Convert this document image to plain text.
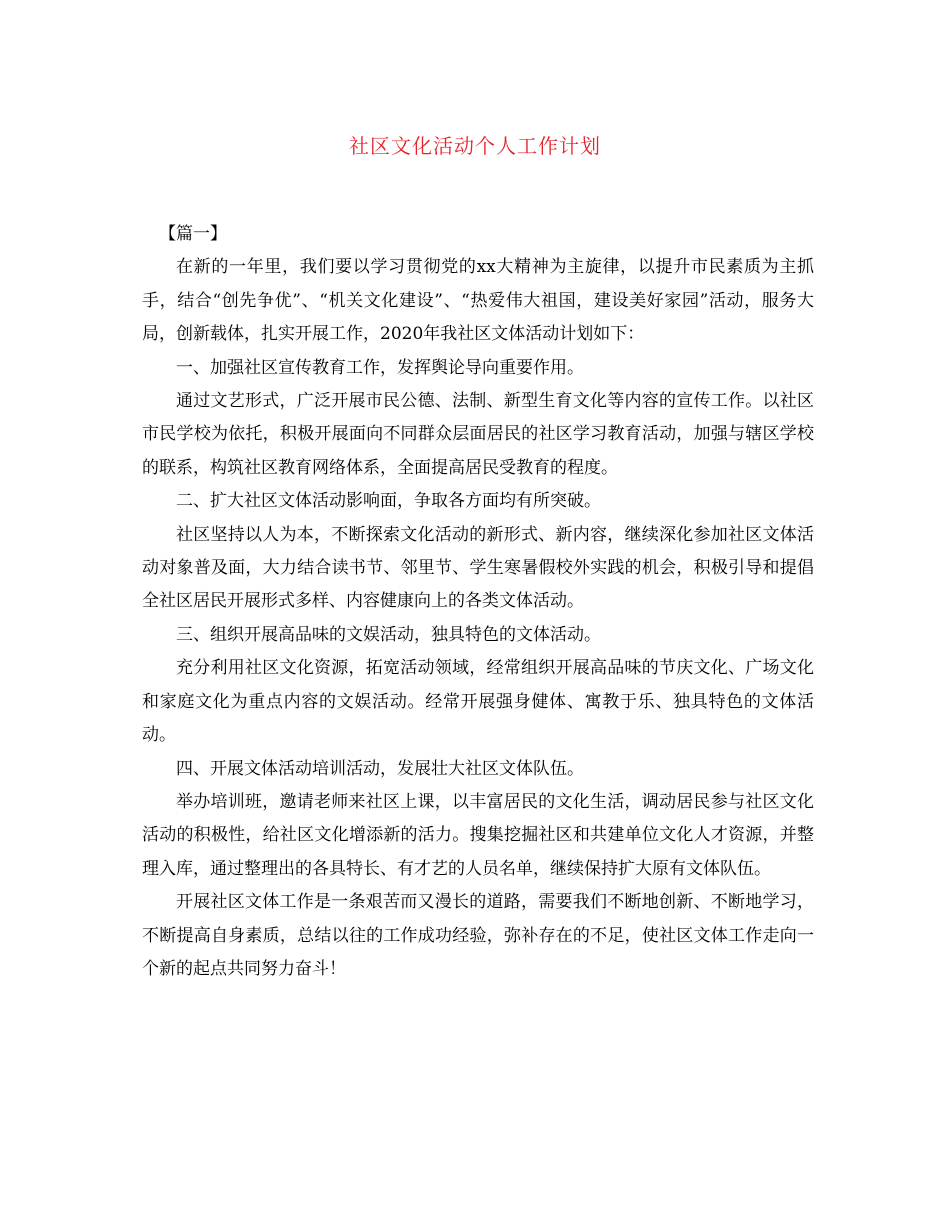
社区文化活动个人工作计划

【篇一】

在新的一年里，我们要以学习贯彻党的xx大精神为主旋律，以提升市民素质为主抓手，结合“创先争优”、“机关文化建设”、“热爱伟大祖国，建设美好家园”活动，服务大局，创新载体，扎实开展工作，2020年我社区文体活动计划如下：

一、加强社区宣传教育工作，发挥舆论导向重要作用。

通过文艺形式，广泛开展市民公德、法制、新型生育文化等内容的宣传工作。以社区市民学校为依托，积极开展面向不同群众层面居民的社区学习教育活动，加强与辖区学校的联系，构筑社区教育网络体系，全面提高居民受教育的程度。

二、扩大社区文体活动影响面，争取各方面均有所突破。

社区坚持以人为本，不断探索文化活动的新形式、新内容，继续深化参加社区文体活动对象普及面，大力结合读书节、邻里节、学生寒暑假校外实践的机会，积极引导和提倡全社区居民开展形式多样、内容健康向上的各类文体活动。

三、组织开展高品味的文娱活动，独具特色的文体活动。

充分利用社区文化资源，拓宽活动领域，经常组织开展高品味的节庆文化、广场文化和家庭文化为重点内容的文娱活动。经常开展强身健体、寓教于乐、独具特色的文体活动。

四、开展文体活动培训活动，发展壮大社区文体队伍。

举办培训班，邀请老师来社区上课，以丰富居民的文化生活，调动居民参与社区文化活动的积极性，给社区文化增添新的活力。搜集挖掘社区和共建单位文化人才资源，并整理入库，通过整理出的各具特长、有才艺的人员名单，继续保持扩大原有文体队伍。

开展社区文体工作是一条艰苦而又漫长的道路，需要我们不断地创新、不断地学习，不断提高自身素质，总结以往的工作成功经验，弥补存在的不足，使社区文体工作走向一个新的起点共同努力奋斗！
